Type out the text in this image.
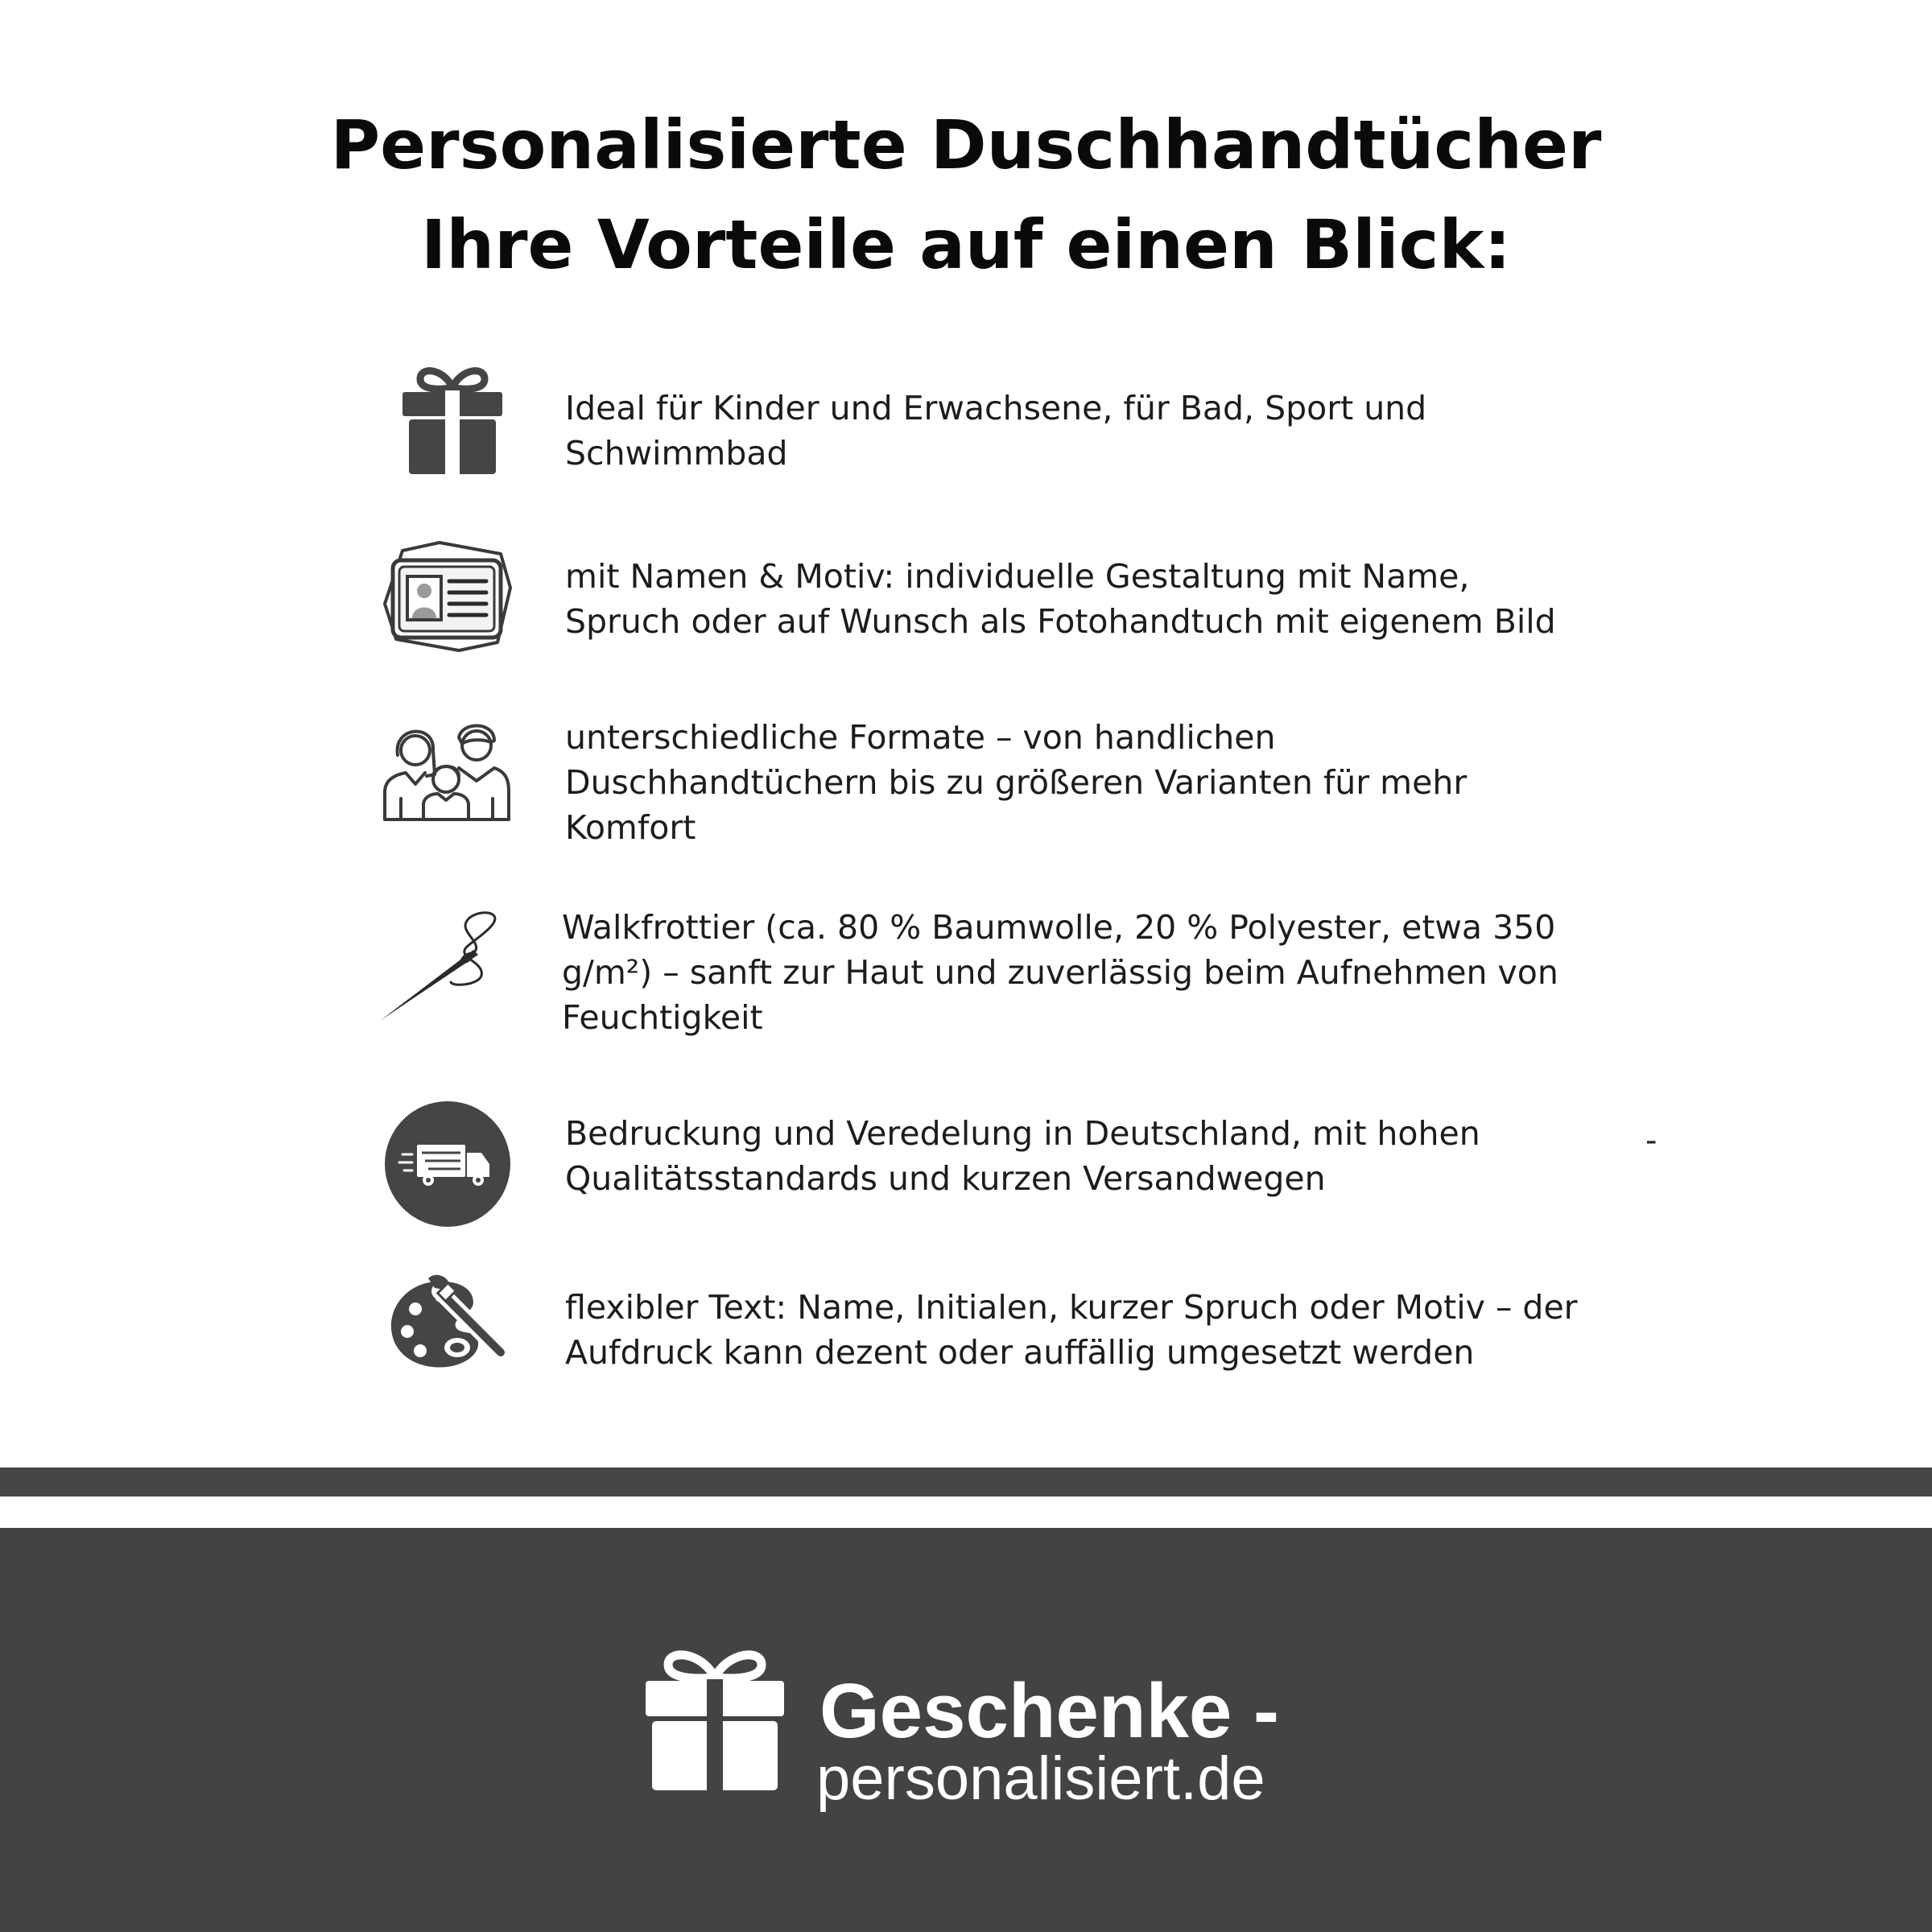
Personalisierte Duschhandtücher
Ihre Vorteile auf einen Blick:
Ideal für Kinder und Erwachsene, für Bad, Sport und Schwimmbad
mit Namen & Motiv: individuelle Gestaltung mit Name, Spruch oder auf Wunsch als Fotohandtuch mit eigenem Bild
unterschiedliche Formate – von handlichen Duschhandtüchern bis zu größeren Varianten für mehr Komfort
Walkfrottier (ca. 80 % Baumwolle, 20 % Polyester, etwa 350 g/m²) – sanft zur Haut und zuverlässig beim Aufnehmen von Feuchtigkeit
Bedruckung und Veredelung in Deutschland, mit hohen Qualitätsstandards und kurzen Versandwegen
-
flexibler Text: Name, Initialen, kurzer Spruch oder Motiv – der Aufdruck kann dezent oder auffällig umgesetzt werden
Geschenke -
personalisiert.de
